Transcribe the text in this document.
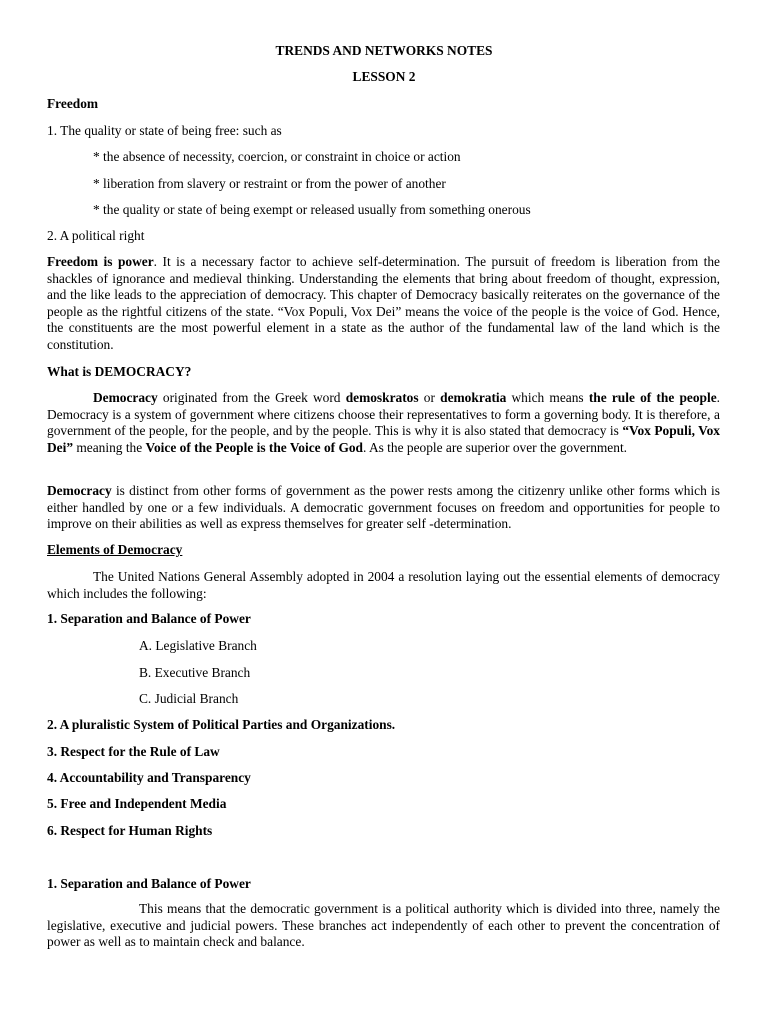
TRENDS AND NETWORKS NOTES
LESSON 2
Freedom
1. The quality or state of being free: such as
* the absence of necessity, coercion, or constraint in choice or action
* liberation from slavery or restraint or from the power of another
* the quality or state of being exempt or released usually from something onerous
2. A political right
Freedom is power. It is a necessary factor to achieve self-determination. The pursuit of freedom is liberation from the shackles of ignorance and medieval thinking. Understanding the elements that bring about freedom of thought, expression, and the like leads to the appreciation of democracy. This chapter of Democracy basically reiterates on the governance of the people as the rightful citizens of the state. “Vox Populi, Vox Dei” means the voice of the people is the voice of God. Hence, the constituents are the most powerful element in a state as the author of the fundamental law of the land which is the constitution.
What is DEMOCRACY?
Democracy originated from the Greek word demoskratos or demokratia which means the rule of the people. Democracy is a system of government where citizens choose their representatives to form a governing body. It is therefore, a government of the people, for the people, and by the people. This is why it is also stated that democracy is “Vox Populi, Vox Dei” meaning the Voice of the People is the Voice of God. As the people are superior over the government.
Democracy is distinct from other forms of government as the power rests among the citizenry unlike other forms which is either handled by one or a few individuals. A democratic government focuses on freedom and opportunities for people to improve on their abilities as well as express themselves for greater self -determination.
Elements of Democracy
The United Nations General Assembly adopted in 2004 a resolution laying out the essential elements of democracy which includes the following:
1. Separation and Balance of Power
A. Legislative Branch
B. Executive Branch
C. Judicial Branch
2. A pluralistic System of Political Parties and Organizations.
3. Respect for the Rule of Law
4. Accountability and Transparency
5. Free and Independent Media
6. Respect for Human Rights
1. Separation and Balance of Power
This means that the democratic government is a political authority which is divided into three, namely the legislative, executive and judicial powers. These branches act independently of each other to prevent the concentration of power as well as to maintain check and balance.
